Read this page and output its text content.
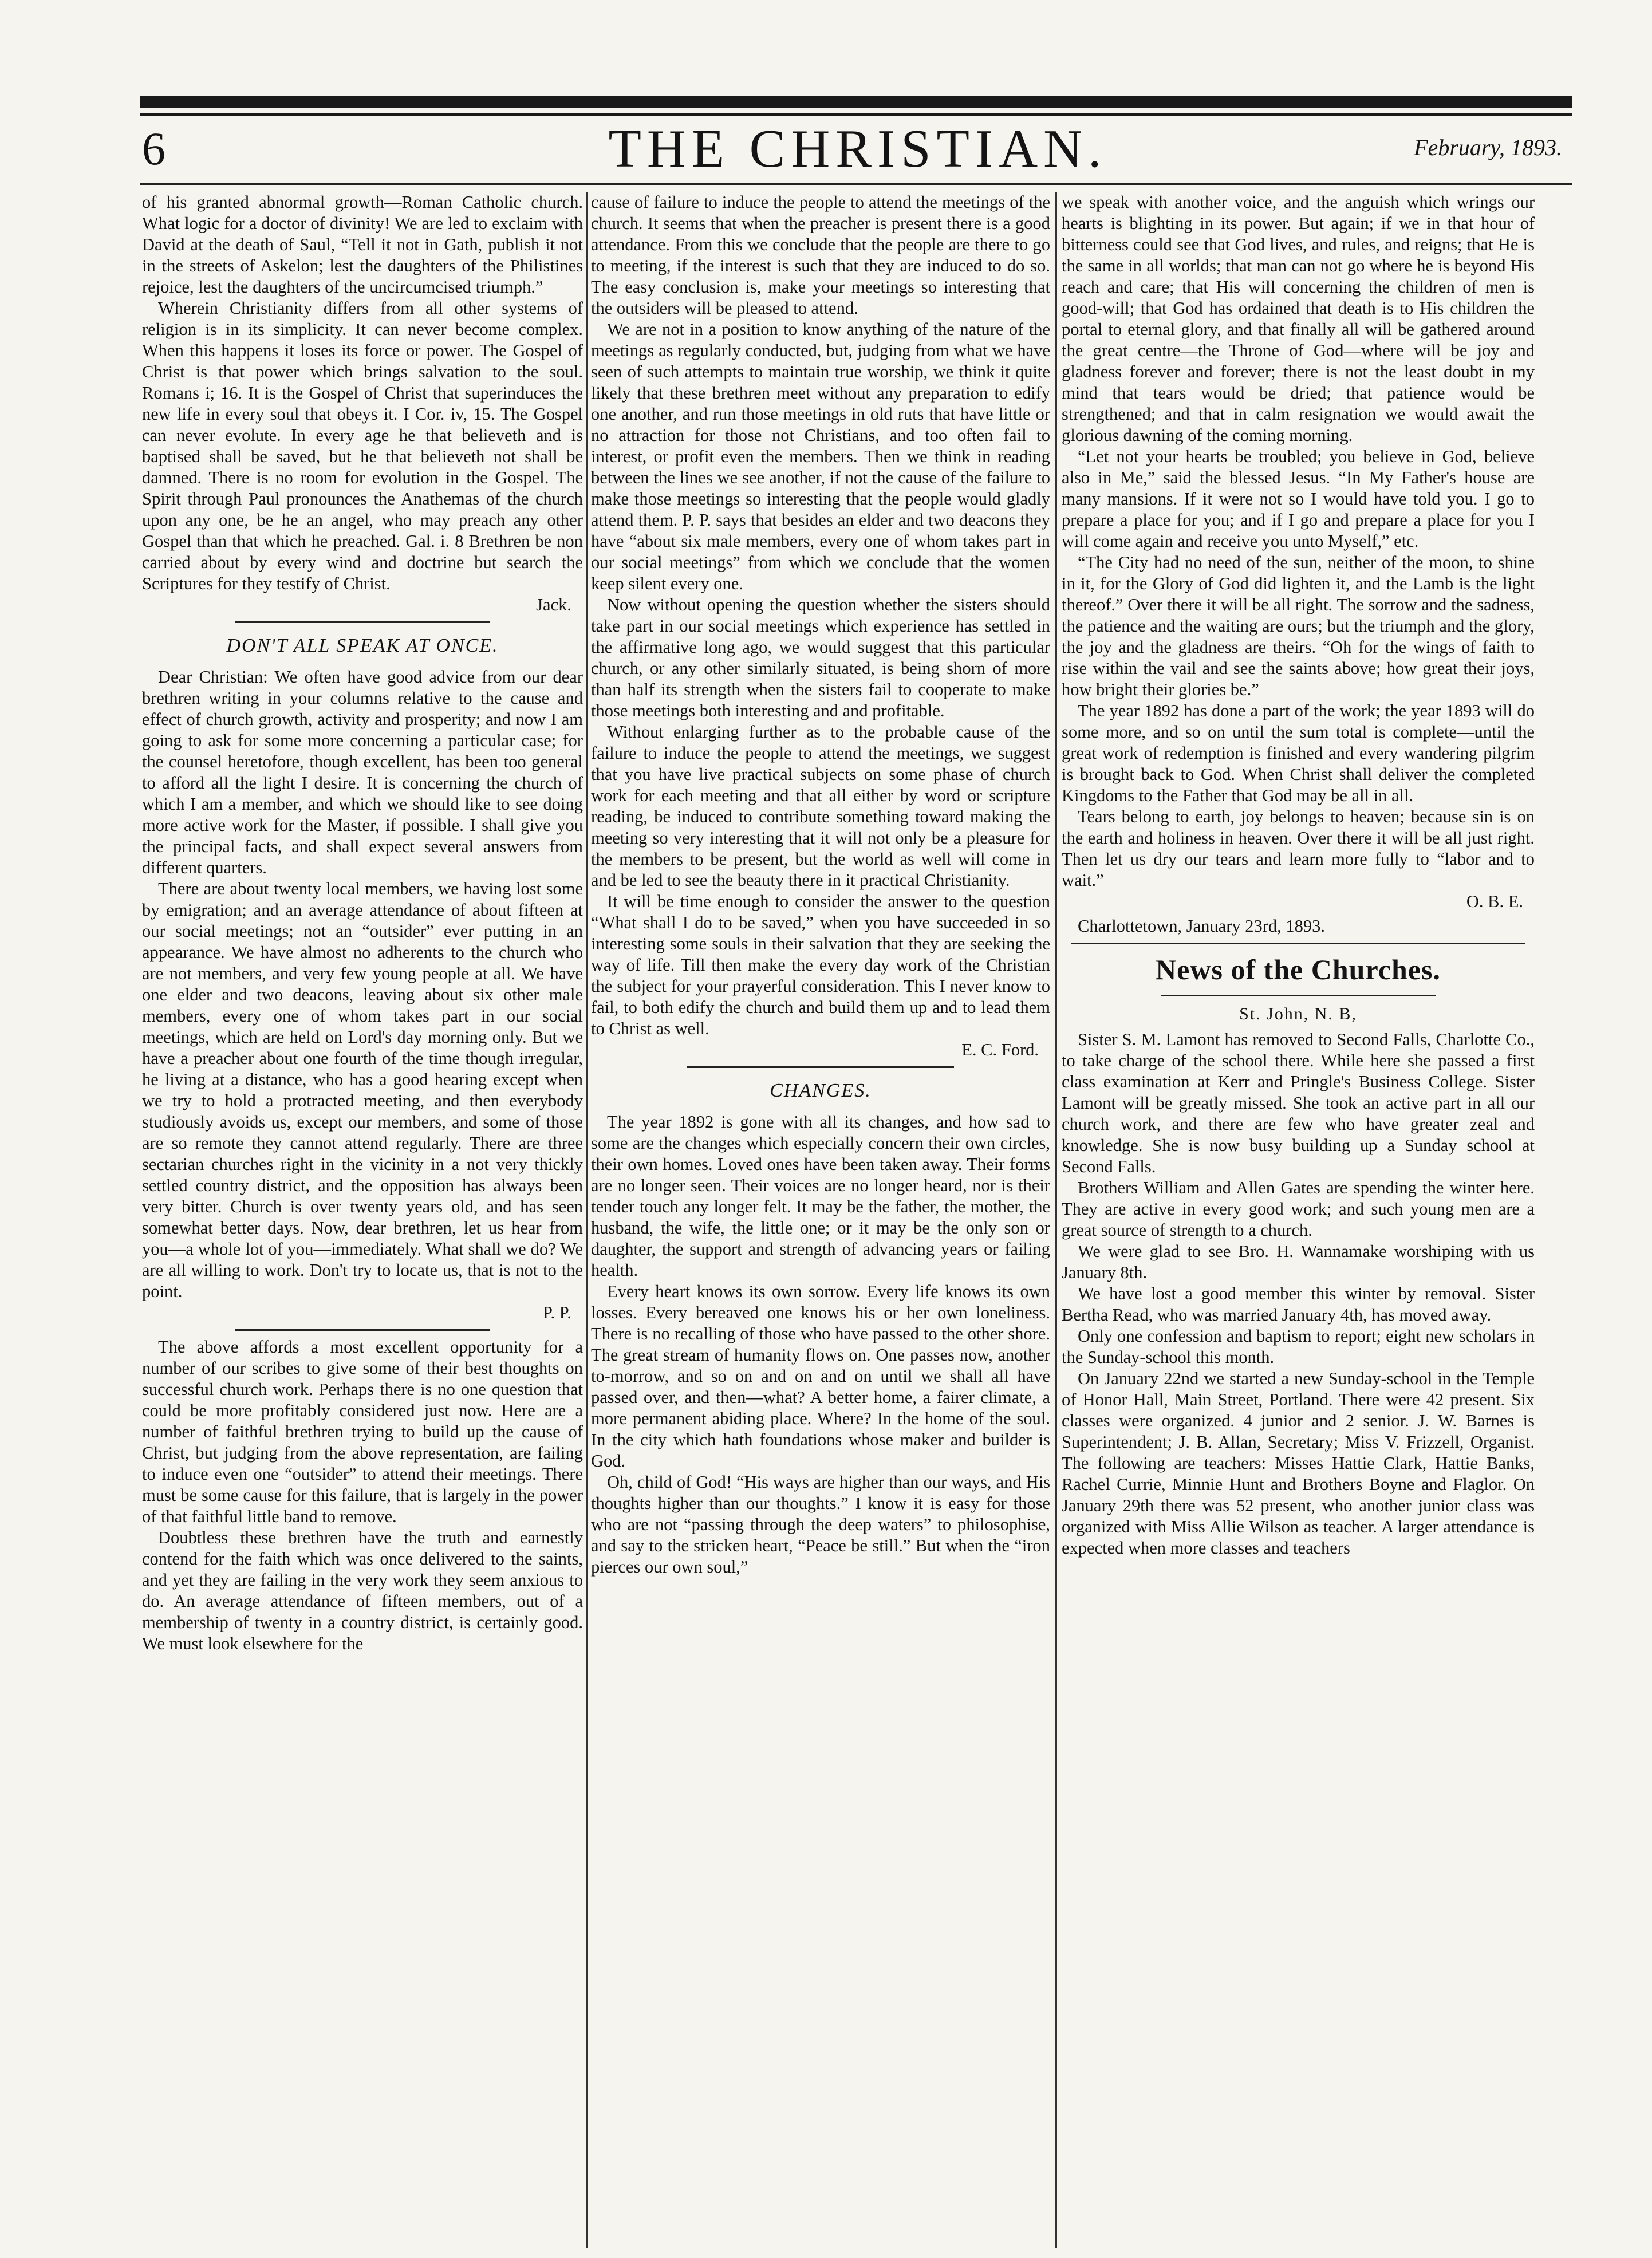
THE CHRISTIAN.
6	February, 1893.

of his granted abnormal growth—Roman Catholic church. What logic for a doctor of divinity! We are led to exclaim with David at the death of Saul, “Tell it not in Gath, publish it not in the streets of Askelon; lest the daughters of the Philistines rejoice, lest the daughters of the uncircumcised triumph.”

Wherein Christianity differs from all other systems of religion is in its simplicity. It can never become complex. When this happens it loses its force or power. The Gospel of Christ is that power which brings salvation to the soul. Romans i; 16. It is the Gospel of Christ that superinduces the new life in every soul that obeys it. I Cor. iv, 15. The Gospel can never evolute. In every age he that believeth and is baptised shall be saved, but he that believeth not shall be damned. There is no room for evolution in the Gospel. The Spirit through Paul pronounces the Anathemas of the church upon any one, be he an angel, who may preach any other Gospel than that which he preached. Gal. i. 8 Brethren be non carried about by every wind and doctrine but search the Scriptures for they testify of Christ.

Jack.
DON'T ALL SPEAK AT ONCE.

Dear Christian: We often have good advice from our dear brethren writing in your columns relative to the cause and effect of church growth, activity and prosperity; and now I am going to ask for some more concerning a particular case; for the counsel heretofore, though excellent, has been too general to afford all the light I desire. It is concerning the church of which I am a member, and which we should like to see doing more active work for the Master, if possible. I shall give you the principal facts, and shall expect several answers from different quarters.

There are about twenty local members, we having lost some by emigration; and an average attendance of about fifteen at our social meetings; not an “outsider” ever putting in an appearance. We have almost no adherents to the church who are not members, and very few young people at all. We have one elder and two deacons, leaving about six other male members, every one of whom takes part in our social meetings, which are held on Lord's day morning only. But we have a preacher about one fourth of the time though irregular, he living at a distance, who has a good hearing except when we try to hold a protracted meeting, and then everybody studiously avoids us, except our members, and some of those are so remote they cannot attend regularly. There are three sectarian churches right in the vicinity in a not very thickly settled country district, and the opposition has always been very bitter. Church is over twenty years old, and has seen somewhat better days. Now, dear brethren, let us hear from you—a whole lot of you—immediately. What shall we do? We are all willing to work. Don't try to locate us, that is not to the point.

P. P.

The above affords a most excellent opportunity for a number of our scribes to give some of their best thoughts on successful church work. Perhaps there is no one question that could be more profitably considered just now. Here are a number of faithful brethren trying to build up the cause of Christ, but judging from the above representation, are failing to induce even one “outsider” to attend their meetings. There must be some cause for this failure, that is largely in the power of that faithful little band to remove.

Doubtless these brethren have the truth and earnestly contend for the faith which was once delivered to the saints, and yet they are failing in the very work they seem anxious to do. An average attendance of fifteen members, out of a membership of twenty in a country district, is certainly good. We must look elsewhere for the

cause of failure to induce the people to attend the meetings of the church. It seems that when the preacher is present there is a good attendance. From this we conclude that the people are there to go to meeting, if the interest is such that they are induced to do so. The easy conclusion is, make your meetings so interesting that the outsiders will be pleased to attend.

We are not in a position to know anything of the nature of the meetings as regularly conducted, but, judging from what we have seen of such attempts to maintain true worship, we think it quite likely that these brethren meet without any preparation to edify one another, and run those meetings in old ruts that have little or no attraction for those not Christians, and too often fail to interest, or profit even the members. Then we think in reading between the lines we see another, if not the cause of the failure to make those meetings so interesting that the people would gladly attend them. P. P. says that besides an elder and two deacons they have “about six male members, every one of whom takes part in our social meetings” from which we conclude that the women keep silent every one.

Now without opening the question whether the sisters should take part in our social meetings which experience has settled in the affirmative long ago, we would suggest that this particular church, or any other similarly situated, is being shorn of more than half its strength when the sisters fail to cooperate to make those meetings both interesting and and profitable.

Without enlarging further as to the probable cause of the failure to induce the people to attend the meetings, we suggest that you have live practical subjects on some phase of church work for each meeting and that all either by word or scripture reading, be induced to contribute something toward making the meeting so very interesting that it will not only be a pleasure for the members to be present, but the world as well will come in and be led to see the beauty there in it practical Christianity.

It will be time enough to consider the answer to the question “What shall I do to be saved,” when you have succeeded in so interesting some souls in their salvation that they are seeking the way of life. Till then make the every day work of the Christian the subject for your prayerful consideration. This I never know to fail, to both edify the church and build them up and to lead them to Christ as well.

E. C. Ford.
CHANGES.

The year 1892 is gone with all its changes, and how sad to some are the changes which especially concern their own circles, their own homes. Loved ones have been taken away. Their forms are no longer seen. Their voices are no longer heard, nor is their tender touch any longer felt. It may be the father, the mother, the husband, the wife, the little one; or it may be the only son or daughter, the support and strength of advancing years or failing health.

Every heart knows its own sorrow. Every life knows its own losses. Every bereaved one knows his or her own loneliness. There is no recalling of those who have passed to the other shore. The great stream of humanity flows on. One passes now, another to-morrow, and so on and on and on until we shall all have passed over, and then—what? A better home, a fairer climate, a more permanent abiding place. Where? In the home of the soul. In the city which hath foundations whose maker and builder is God.

Oh, child of God! “His ways are higher than our ways, and His thoughts higher than our thoughts.” I know it is easy for those who are not “passing through the deep waters” to philosophise, and say to the stricken heart, “Peace be still.” But when the “iron pierces our own soul,”

we speak with another voice, and the anguish which wrings our hearts is blighting in its power. But again; if we in that hour of bitterness could see that God lives, and rules, and reigns; that He is the same in all worlds; that man can not go where he is beyond His reach and care; that His will concerning the children of men is good-will; that God has ordained that death is to His children the portal to eternal glory, and that finally all will be gathered around the great centre—the Throne of God—where will be joy and gladness forever and forever; there is not the least doubt in my mind that tears would be dried; that patience would be strengthened; and that in calm resignation we would await the glorious dawning of the coming morning.

“Let not your hearts be troubled; you believe in God, believe also in Me,” said the blessed Jesus. “In My Father's house are many mansions. If it were not so I would have told you. I go to prepare a place for you; and if I go and prepare a place for you I will come again and receive you unto Myself,” etc.

“The City had no need of the sun, neither of the moon, to shine in it, for the Glory of God did lighten it, and the Lamb is the light thereof.” Over there it will be all right. The sorrow and the sadness, the patience and the waiting are ours; but the triumph and the glory, the joy and the gladness are theirs. “Oh for the wings of faith to rise within the vail and see the saints above; how great their joys, how bright their glories be.”

The year 1892 has done a part of the work; the year 1893 will do some more, and so on until the sum total is complete—until the great work of redemption is finished and every wandering pilgrim is brought back to God. When Christ shall deliver the completed Kingdoms to the Father that God may be all in all.

Tears belong to earth, joy belongs to heaven; because sin is on the earth and holiness in heaven. Over there it will be all just right. Then let us dry our tears and learn more fully to “labor and to wait.”

O. B. E.
Charlottetown, January 23rd, 1893.
News of the Churches.
St. John, N. B,

Sister S. M. Lamont has removed to Second Falls, Charlotte Co., to take charge of the school there. While here she passed a first class examination at Kerr and Pringle's Business College. Sister Lamont will be greatly missed. She took an active part in all our church work, and there are few who have greater zeal and knowledge. She is now busy building up a Sunday school at Second Falls.

Brothers William and Allen Gates are spending the winter here. They are active in every good work; and such young men are a great source of strength to a church.

We were glad to see Bro. H. Wannamake worshiping with us January 8th.

We have lost a good member this winter by removal. Sister Bertha Read, who was married January 4th, has moved away.

Only one confession and baptism to report; eight new scholars in the Sunday-school this month.

On January 22nd we started a new Sunday-school in the Temple of Honor Hall, Main Street, Portland. There were 42 present. Six classes were organized. 4 junior and 2 senior. J. W. Barnes is Superintendent; J. B. Allan, Secretary; Miss V. Frizzell, Organist. The following are teachers: Misses Hattie Clark, Hattie Banks, Rachel Currie, Minnie Hunt and Brothers Boyne and Flaglor. On January 29th there was 52 present, who another junior class was organized with Miss Allie Wilson as teacher. A larger attendance is expected when more classes and teachers
